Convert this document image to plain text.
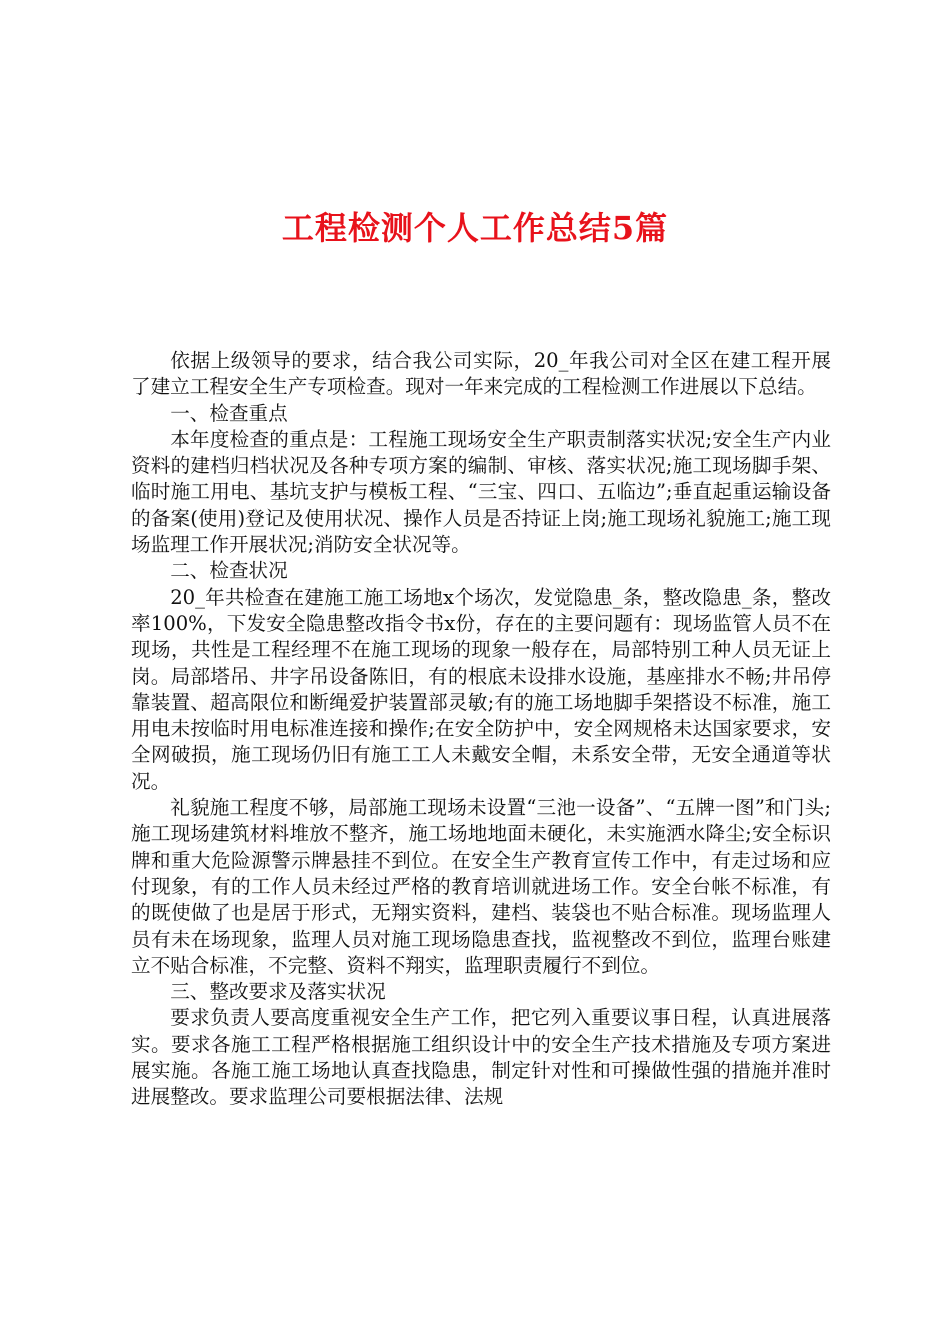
工程检测个人工作总结5篇

依据上级领导的要求，结合我公司实际，20_年我公司对全区在建工程开展了建立工程安全生产专项检查。现对一年来完成的工程检测工作进展以下总结。

一、检查重点

本年度检查的重点是：工程施工现场安全生产职责制落实状况;安全生产内业资料的建档归档状况及各种专项方案的编制、审核、落实状况;施工现场脚手架、临时施工用电、基坑支护与模板工程、“三宝、四口、五临边”;垂直起重运输设备的备案(使用)登记及使用状况、操作人员是否持证上岗;施工现场礼貌施工;施工现场监理工作开展状况;消防安全状况等。

二、检查状况

20_年共检查在建施工施工场地x个场次，发觉隐患_条，整改隐患_条，整改率100%，下发安全隐患整改指令书x份，存在的主要问题有：现场监管人员不在现场，共性是工程经理不在施工现场的现象一般存在，局部特别工种人员无证上岗。局部塔吊、井字吊设备陈旧，有的根底未设排水设施，基座排水不畅;井吊停靠装置、超高限位和断绳爱护装置部灵敏;有的施工场地脚手架搭设不标准，施工用电未按临时用电标准连接和操作;在安全防护中，安全网规格未达国家要求，安全网破损，施工现场仍旧有施工工人未戴安全帽，未系安全带，无安全通道等状况。

礼貌施工程度不够，局部施工现场未设置“三池一设备”、“五牌一图”和门头;施工现场建筑材料堆放不整齐，施工场地地面未硬化，未实施洒水降尘;安全标识牌和重大危险源警示牌悬挂不到位。在安全生产教育宣传工作中，有走过场和应付现象，有的工作人员未经过严格的教育培训就进场工作。安全台帐不标准，有的既使做了也是居于形式，无翔实资料，建档、装袋也不贴合标准。现场监理人员有未在场现象，监理人员对施工现场隐患查找，监视整改不到位，监理台账建立不贴合标准，不完整、资料不翔实，监理职责履行不到位。

三、整改要求及落实状况

要求负责人要高度重视安全生产工作，把它列入重要议事日程，认真进展落实。要求各施工工程严格根据施工组织设计中的安全生产技术措施及专项方案进展实施。各施工施工场地认真查找隐患，制定针对性和可操做性强的措施并准时进展整改。要求监理公司要根据法律、法规
